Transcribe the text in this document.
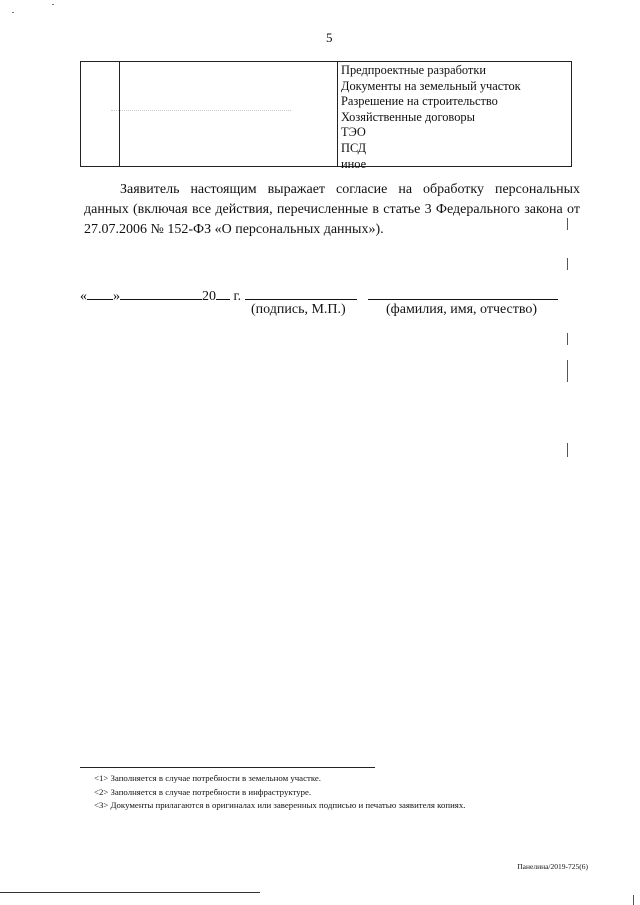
5
Предпроектные разработки
Документы на земельный участок
Разрешение на строительство
Хозяйственные договоры
ТЭО
ПСД
иное

Заявитель настоящим выражает согласие на обработку персональных данных (включая все действия, перечисленные в статье 3 Федерального закона от 27.07.2006 № 152-ФЗ «О персональных данных»).

« »	20 г.
(подпись, М.П.)	(фамилия, имя, отчество)
<1> Заполняется в случае потребности в земельном участке.
<2> Заполняется в случае потребности в инфраструктуре.
<3> Документы прилагаются в оригиналах или заверенных подписью и печатью заявителя копиях.
Панелина/2019-725(6)
